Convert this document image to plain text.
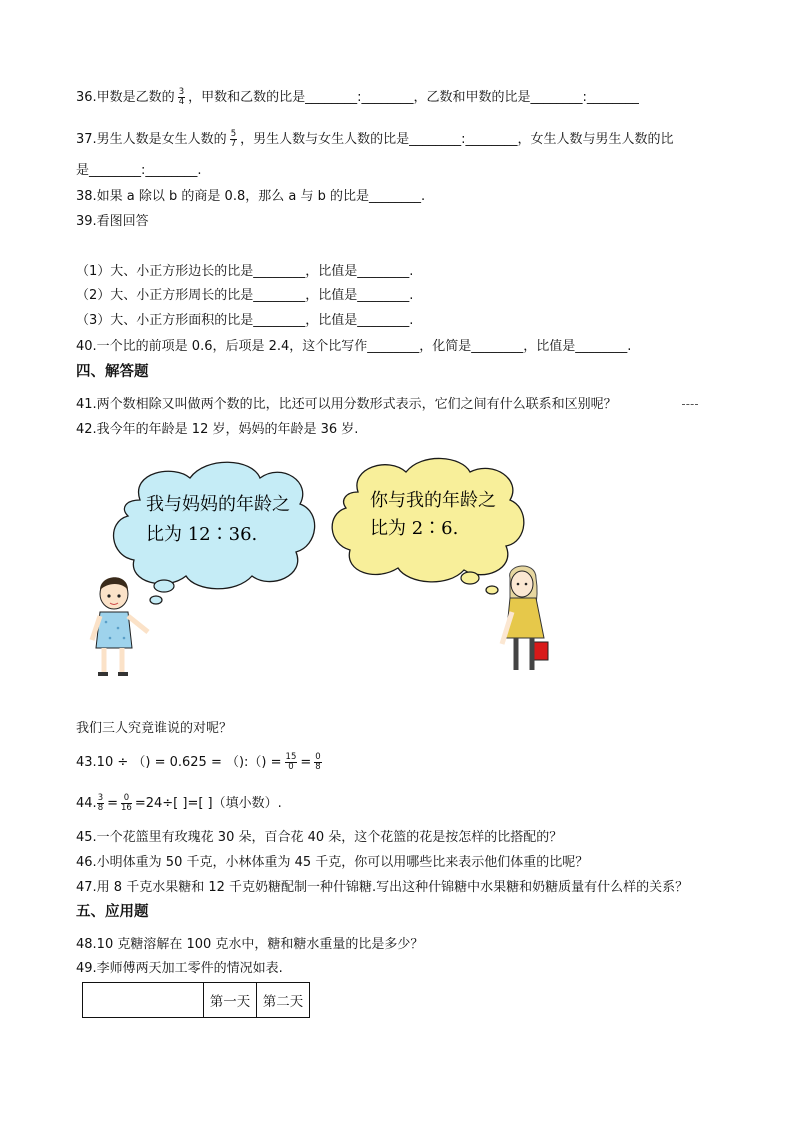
36.甲数是乙数的 $\frac{3}{4}$ ，甲数和乙数的比是________:________，乙数和甲数的比是________:________
37.男生人数是女生人数的 $\frac{5}{7}$ ，男生人数与女生人数的比是________:________，女生人数与男生人数的比
是________:________.
38.如果 a 除以 b 的商是 0.8，那么 a 与 b 的比是________.
39.看图回答
（1）大、小正方形边长的比是________，比值是________.
（2）大、小正方形周长的比是________，比值是________.
（3）大、小正方形面积的比是________，比值是________.
40.一个比的前项是 0.6，后项是 2.4，这个比写作________，化简是________，比值是________.
四、解答题
41.两个数相除又叫做两个数的比，比还可以用分数形式表示，它们之间有什么联系和区别呢？
42.我今年的年龄是 12 岁，妈妈的年龄是 36 岁.
我与妈妈的年龄之
比为 12∶36.
你与我的年龄之
比为 2∶6.
我们三人究竟谁说的对呢？
43.10 ÷ （) = 0.625 = （):（) = $\frac{15}{0} = \frac{0}{8}$
44. $\frac{3}{8} = \frac{0}{16} =24\div$[ ]=[ ]（填小数）.
45.一个花篮里有玫瑰花 30 朵，百合花 40 朵，这个花篮的花是按怎样的比搭配的？
46.小明体重为 50 千克，小林体重为 45 千克，你可以用哪些比来表示他们体重的比呢？
47.用 8 千克水果糖和 12 千克奶糖配制一种什锦糖.写出这种什锦糖中水果糖和奶糖质量有什么样的关系？
五、应用题
48.10 克糖溶解在 100 克水中，糖和糖水重量的比是多少？
49.李师傅两天加工零件的情况如表.
	第一天	第二天
